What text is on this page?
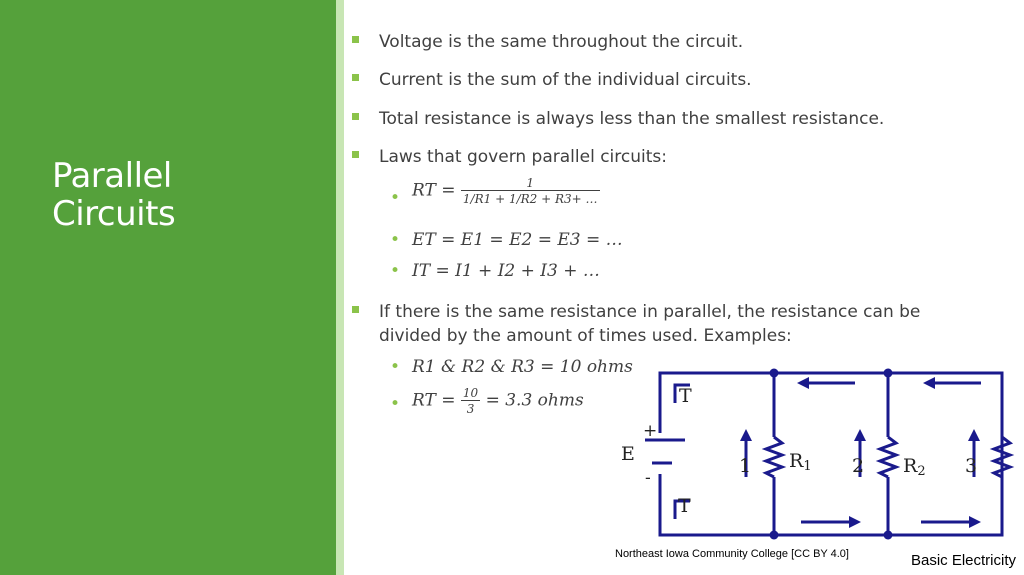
Parallel
Circuits
Voltage is the same throughout the circuit.
Current is the sum of the individual circuits.
Total resistance is always less than the smallest resistance.
Laws that govern parallel circuits:
• RT = $\frac{1}{1/R1 + 1/R2 + R3+ \dots}$
• ET = E1 = E2 = E3 = …
• IT = I1 + I2 + I3 + …
If there is the same resistance in parallel, the resistance can be
divided by the amount of times used. Examples:
• R1 & R2 & R3 = 10 ohms
• RT = $\frac{10}{3} = 3.3$ ohms	T
T
+
-
E
1	2	3
R1	R2
Northeast Iowa Community College [CC BY 4.0]	Basic Electricity
